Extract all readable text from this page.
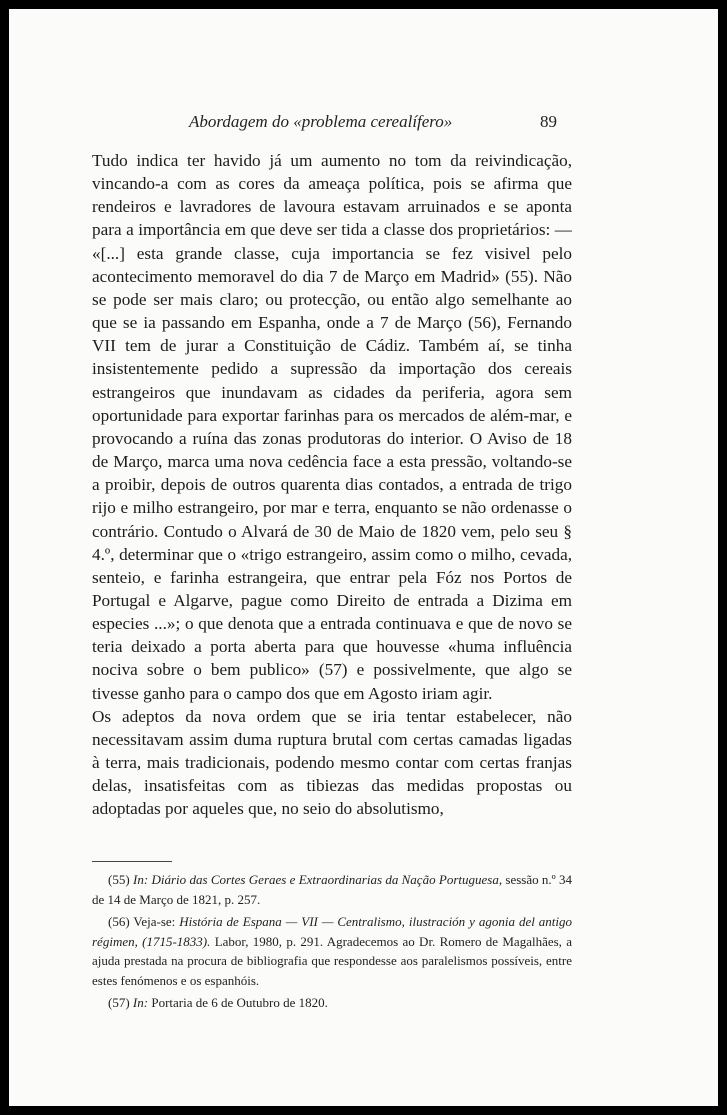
Abordagem do «problema cerealífero»	89

Tudo indica ter havido já um aumento no tom da reivindicação, vincando-a com as cores da ameaça política, pois se afirma que rendeiros e lavradores de lavoura estavam arruinados e se aponta para a importância em que deve ser tida a classe dos proprietários: — «[...] esta grande classe, cuja importancia se fez visivel pelo acontecimento memoravel do dia 7 de Março em Madrid» (55). Não se pode ser mais claro; ou protecção, ou então algo semelhante ao que se ia passando em Espanha, onde a 7 de Março (56), Fernando VII tem de jurar a Constituição de Cádiz. Também aí, se tinha insistentemente pedido a supressão da importação dos cereais estrangeiros que inundavam as cidades da periferia, agora sem oportunidade para exportar farinhas para os mercados de além-mar, e provocando a ruína das zonas produtoras do interior. O Aviso de 18 de Março, marca uma nova cedência face a esta pressão, voltando-se a proibir, depois de outros quarenta dias contados, a entrada de trigo rijo e milho estrangeiro, por mar e terra, enquanto se não ordenasse o contrário. Contudo o Alvará de 30 de Maio de 1820 vem, pelo seu § 4.º, determinar que o «trigo estrangeiro, assim como o milho, cevada, senteio, e farinha estrangeira, que entrar pela Fóz nos Portos de Portugal e Algarve, pague como Direito de entrada a Dizima em especies ...»; o que denota que a entrada continuava e que de novo se teria deixado a porta aberta para que houvesse «huma influência nociva sobre o bem publico» (57) e possivelmente, que algo se tivesse ganho para o campo dos que em Agosto iriam agir.

Os adeptos da nova ordem que se iria tentar estabelecer, não necessitavam assim duma ruptura brutal com certas camadas ligadas à terra, mais tradicionais, podendo mesmo contar com certas franjas delas, insatisfeitas com as tibiezas das medidas propostas ou adoptadas por aqueles que, no seio do absolutismo,

(55) In: Diário das Cortes Geraes e Extraordinarias da Nação Portuguesa, sessão n.º 34 de 14 de Março de 1821, p. 257.

(56) Veja-se: História de Espana — VII — Centralismo, ilustración y agonia del antigo régimen, (1715-1833). Labor, 1980, p. 291. Agradecemos ao Dr. Romero de Magalhães, a ajuda prestada na procura de bibliografia que respondesse aos paralelismos possíveis, entre estes fenómenos e os espanhóis.

(57) In: Portaria de 6 de Outubro de 1820.
